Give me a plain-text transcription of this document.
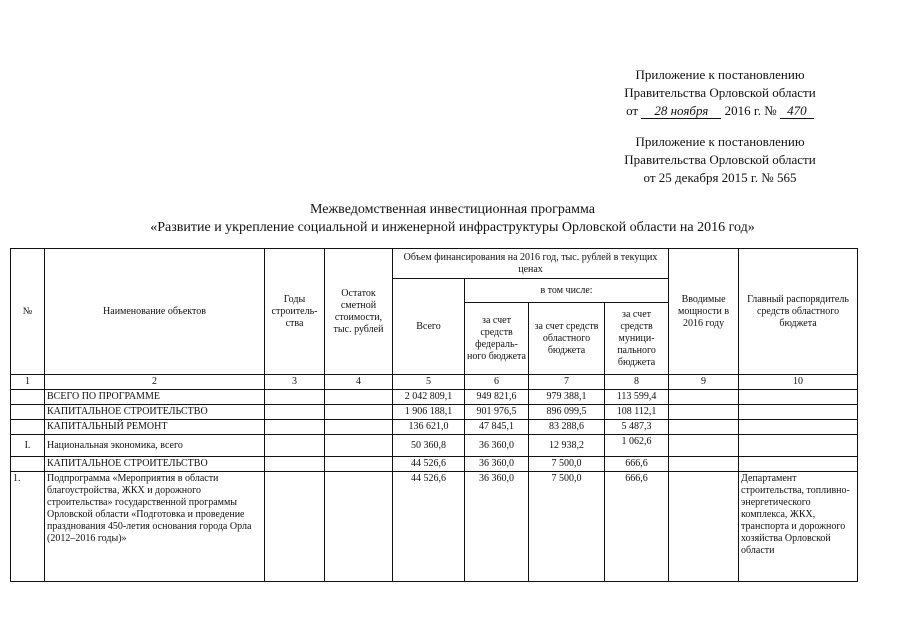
Приложение к постановлению
Правительства Орловской области
от 28 ноября 2016 г. № 470
Приложение к постановлению
Правительства Орловской области
от 25 декабря 2015 г. № 565
Межведомственная инвестиционная программа
«Развитие и укрепление социальной и инженерной инфраструктуры Орловской области на 2016 год»
№	Наименование объектов	Годы строитель-ства	Остаток сметной стоимости, тыс. рублей	Объем финансирования на 2016 год, тыс. рублей в текущих ценах				Вводимые мощности в 2016 году	Главный распорядитель средств областного бюджета
				Всего	в том числе:				
					за счет средств федераль-ного бюджета	за счет средств областного бюджета	за счет средств муници-пального бюджета		
1	2	3	4	5	6	7	8	9	10
	ВСЕГО ПО ПРОГРАММЕ			2 042 809,1	949 821,6	979 388,1	113 599,4		
	КАПИТАЛЬНОЕ СТРОИТЕЛЬСТВО			1 906 188,1	901 976,5	896 099,5	108 112,1		
	КАПИТАЛЬНЫЙ РЕМОНТ			136 621,0	47 845,1	83 288,6	5 487,3		
I.	Национальная экономика, всего			50 360,8	36 360,0	12 938,2	1 062,6		
	КАПИТАЛЬНОЕ СТРОИТЕЛЬСТВО			44 526,6	36 360,0	7 500,0	666,6		
1.	Подпрограмма «Мероприятия в области благоустройства, ЖКХ и дорожного строительства» государственной программы Орловской области «Подготовка и проведение празднования 450-летия основания города Орла (2012–2016 годы)»			44 526,6	36 360,0	7 500,0	666,6		Департамент строительства, топливно-энергетического комплекса, ЖКХ, транспорта и дорожного хозяйства Орловской области
